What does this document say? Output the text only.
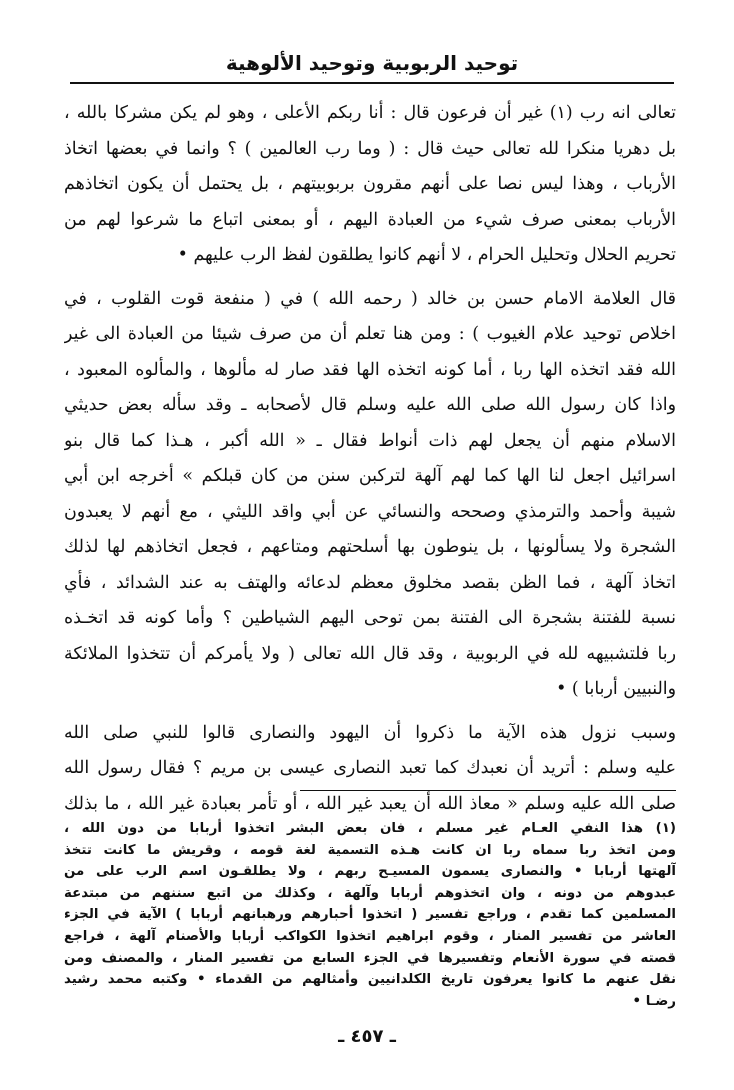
توحيد الربوبية وتوحيد الألوهية
تعالى انه رب (١) غير أن فرعون قال : أنا ربكم الأعلى ، وهو لم يكن مشركا بالله ،
بل دهريا منكرا لله تعالى حيث قال : ( وما رب العالمين ) ؟ وانما في بعضها اتخاذ
الأرباب ، وهذا ليس نصا على أنهم مقرون بربوبيتهم ، بل يحتمل أن يكون اتخاذهم
الأرباب بمعنى صرف شيء من العبادة اليهم ، أو بمعنى اتباع ما شرعوا لهم من
تحريم الحلال وتحليل الحرام ، لا أنهم كانوا يطلقون لفظ الرب عليهم •
قال العلامة الامام حسن بن خالد ( رحمه الله ) في ( منفعة قوت القلوب ، في
اخلاص توحيد علام الغيوب ) : ومن هنا تعلم أن من صرف شيئا من العبادة الى غير
الله فقد اتخذه الها ربا ، أما كونه اتخذه الها فقد صار له مألوها ، والمألوه المعبود ،
واذا كان رسول الله صلى الله عليه وسلم قال لأصحابه ـ وقد سأله بعض حديثي
الاسلام منهم أن يجعل لهم ذات أنواط فقال ـ « الله أكبر ، هـذا كما قال بنو
اسرائيل اجعل لنا الها كما لهم آلهة لتركبن سنن من كان قبلكم » أخرجه ابن أبي
شيبة وأحمد والترمذي وصححه والنسائي عن أبي واقد الليثي ، مع أنهم لا يعبدون
الشجرة ولا يسألونها ، بل ينوطون بها أسلحتهم ومتاعهم ، فجعل اتخاذهم لها لذلك
اتخاذ آلهة ، فما الظن بقصد مخلوق معظم لدعائه والهتف به عند الشدائد ، فأي
نسبة للفتنة بشجرة الى الفتنة بمن توحى اليهم الشياطين ؟ وأما كونه قد اتخـذه
ربا فلتشبيهه لله في الربوبية ، وقد قال الله تعالى ( ولا يأمركم أن تتخذوا الملائكة
والنبيين أربابا ) •
وسبب نزول هذه الآية ما ذكروا أن اليهود والنصارى قالوا للنبي صلى الله
عليه وسلم : أتريد أن نعبدك كما تعبد النصارى عيسى بن مريم ؟ فقال رسول الله
صلى الله عليه وسلم « معاذ الله أن يعبد غير الله ، أو تأمر بعبادة غير الله ، ما بذلك
(١) هذا النفي العـام غير مسلم ، فان بعض البشر اتخذوا أربابا من دون الله ،
ومن اتخذ ربا سماه ربا ان كانت هـذه التسمية لغة قومه ، وقريش ما كانت تتخذ
آلهتها أربابا • والنصارى يسمون المسيـح ربهم ، ولا يطلقـون اسم الرب على من
عبدوهم من دونه ، وان اتخذوهم أربابا وآلهة ، وكذلك من اتبع سننهم من مبتدعة
المسلمين كما تقدم ، وراجع تفسير ( اتخذوا أحبارهم ورهبانهم أربابا ) الآية في الجزء
العاشر من تفسير المنار ، وقوم ابراهيم اتخذوا الكواكب أربابا والأصنام آلهة ، فراجع
قصته في سورة الأنعام وتفسيرها في الجزء السابع من تفسير المنار ، والمصنف ومن
نقل عنهم ما كانوا يعرفون تاريخ الكلدانيين وأمثالهم من القدماء • وكتبه محمد رشيد
رضـا •
ـ ٤٥٧ ـ
